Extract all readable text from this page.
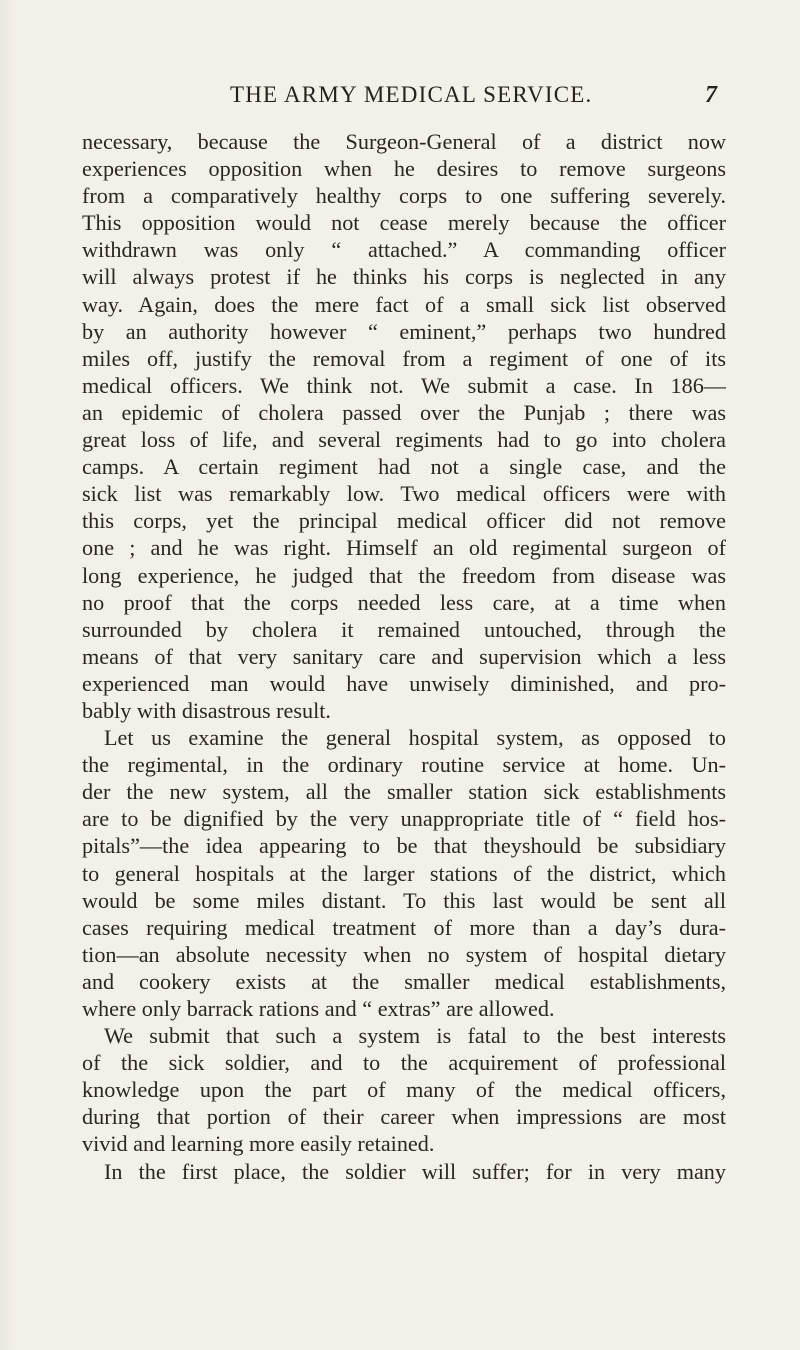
THE ARMY MEDICAL SERVICE.	7
necessary, because the Surgeon-General of a district now
experiences opposition when he desires to remove surgeons
from a comparatively healthy corps to one suffering severely.
This opposition would not cease merely because the officer
withdrawn was only “ attached.” A commanding officer
will always protest if he thinks his corps is neglected in any
way. Again, does the mere fact of a small sick list observed
by an authority however “ eminent,” perhaps two hundred
miles off, justify the removal from a regiment of one of its
medical officers. We think not. We submit a case. In 186—
an epidemic of cholera passed over the Punjab ; there was
great loss of life, and several regiments had to go into cholera
camps. A certain regiment had not a single case, and the
sick list was remarkably low. Two medical officers were with
this corps, yet the principal medical officer did not remove
one ; and he was right. Himself an old regimental surgeon of
long experience, he judged that the freedom from disease was
no proof that the corps needed less care, at a time when
surrounded by cholera it remained untouched, through the
means of that very sanitary care and supervision which a less
experienced man would have unwisely diminished, and pro-
bably with disastrous result.
Let us examine the general hospital system, as opposed to
the regimental, in the ordinary routine service at home. Un-
der the new system, all the smaller station sick establishments
are to be dignified by the very unappropriate title of “ field hos-
pitals”—the idea appearing to be that theyshould be subsidiary
to general hospitals at the larger stations of the district, which
would be some miles distant. To this last would be sent all
cases requiring medical treatment of more than a day’s dura-
tion—an absolute necessity when no system of hospital dietary
and cookery exists at the smaller medical establishments,
where only barrack rations and “ extras” are allowed.
We submit that such a system is fatal to the best interests
of the sick soldier, and to the acquirement of professional
knowledge upon the part of many of the medical officers,
during that portion of their career when impressions are most
vivid and learning more easily retained.
In the first place, the soldier will suffer; for in very many
